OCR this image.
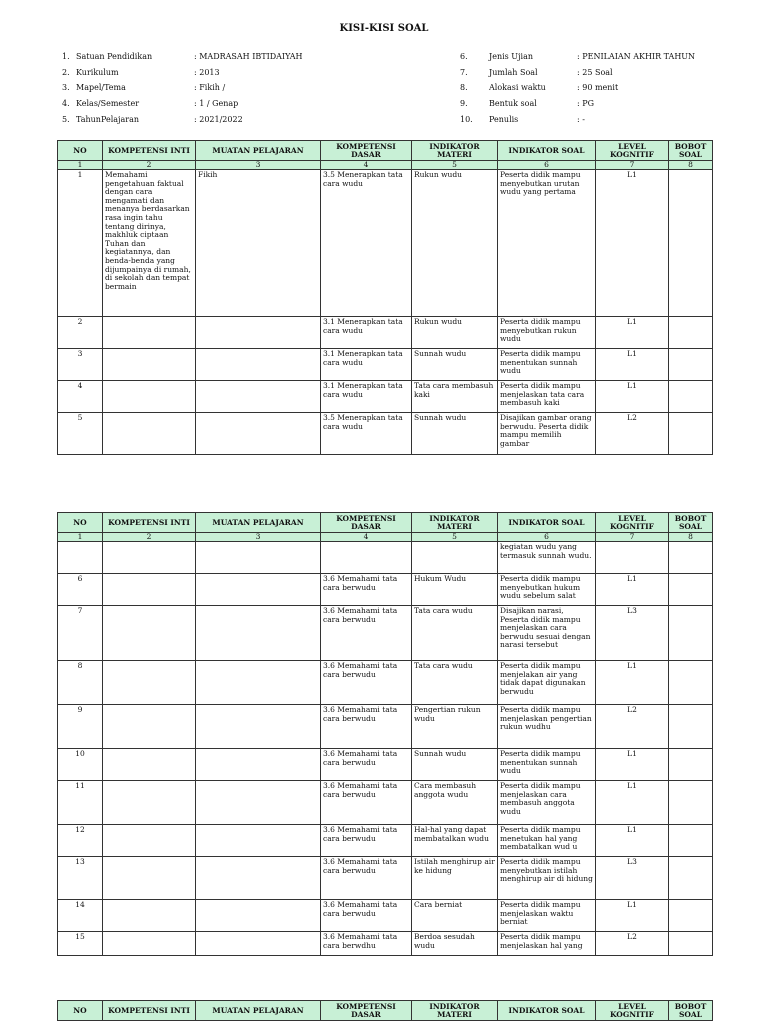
KISI-KISI SOAL
1. Satuan Pendidikan	: MADRASAH IBTIDAIYAH
2. Kurikulum	: 2013
3. Mapel/Tema	: Fikih /
4. Kelas/Semester	: 1 / Genap
5. TahunPelajaran	: 2021/2022
6.	Jenis Ujian	: PENILAIAN AKHIR TAHUN
7.	Jumlah Soal	: 25 Soal
8.	Alokasi waktu	: 90 menit
9.	Bentuk soal	: PG
10. Penulis	: -
NO	KOMPETENSI INTI	MUATAN PELAJARAN	KOMPETENSI DASAR	INDIKATOR MATERI	INDIKATOR SOAL	LEVEL KOGNITIF	BOBOT SOAL
1	2	3	4	5	6	7	8
1	Memahami pengetahuan faktual dengan cara mengamati dan menanya berdasarkan rasa ingin tahu tentang dirinya, makhluk ciptaan Tuhan dan kegiatannya, dan benda-benda yang dijumpainya di rumah, di sekolah dan tempat bermain	Fikih	3.5 Menerapkan tata cara wudu	Rukun wudu	Peserta didik mampu menyebutkan urutan wudu yang pertama	L1	
2			3.1 Menerapkan tata cara wudu	Rukun wudu	Peserta didik mampu menyebutkan rukun wudu	L1	
3			3.1 Menerapkan tata cara wudu	Sunnah wudu	Peserta didik mampu menentukan sunnah wudu	L1	
4			3.1 Menerapkan tata cara wudu	Tata cara membasuh kaki	Peserta didik mampu menjelaskan tata cara membasuh kaki	L1	
5			3.5 Menerapkan tata cara wudu	Sunnah wudu	Disajikan gambar orang berwudu. Peserta didik mampu memilih gambar	L2	
NO	KOMPETENSI INTI	MUATAN PELAJARAN	KOMPETENSI DASAR	INDIKATOR MATERI	INDIKATOR SOAL	LEVEL KOGNITIF	BOBOT SOAL
1	2	3	4	5	6	7	8
					kegiatan wudu yang termasuk sunnah wudu.		
6			3.6 Memahami tata cara berwudu	Hukum Wudu	Peserta didik mampu menyebutkan hukum wudu sebelum salat	L1	
7			3.6 Memahami tata cara berwudu	Tata cara wudu	Disajikan narasi, Peserta didik mampu menjelaskan cara berwudu sesuai dengan narasi tersebut	L3	
8			3.6 Memahami tata cara berwudu	Tata cara wudu	Peserta didik mampu menjelakan air yang tidak dapat digunakan berwudu	L1	
9			3.6 Memahami tata cara berwudu	Pengertian rukun wudu	Peserta didik mampu menjelaskan pengertian rukun wudhu	L2	
10			3.6 Memahami tata cara berwudu	Sunnah wudu	Peserta didik mampu menentukan sunnah wudu	L1	
11			3.6 Memahami tata cara berwudu	Cara membasuh anggota wudu	Peserta didik mampu menjelaskan cara membasuh anggota wudu	L1	
12			3.6 Memahami tata cara berwudu	Hal-hal yang dapat membatalkan wudu	Peserta didik mampu menetukan hal yang membatalkan wud u	L1	
13			3.6 Memahami tata cara berwudu	Istilah menghirup air ke hidung	Peserta didik mampu menyebutkan istilah menghirup air di hidung	L3	
14			3.6 Memahami tata cara berwudu	Cara berniat	Peserta didik mampu menjelaskan waktu berniat	L1	
15			3.6 Memahami tata cara berwdhu	Berdoa sesudah wudu	Peserta didik mampu menjelaskan hal yang	L2	
NO	KOMPETENSI INTI	MUATAN PELAJARAN	KOMPETENSI DASAR	INDIKATOR MATERI	INDIKATOR SOAL	LEVEL KOGNITIF	BOBOT SOAL
